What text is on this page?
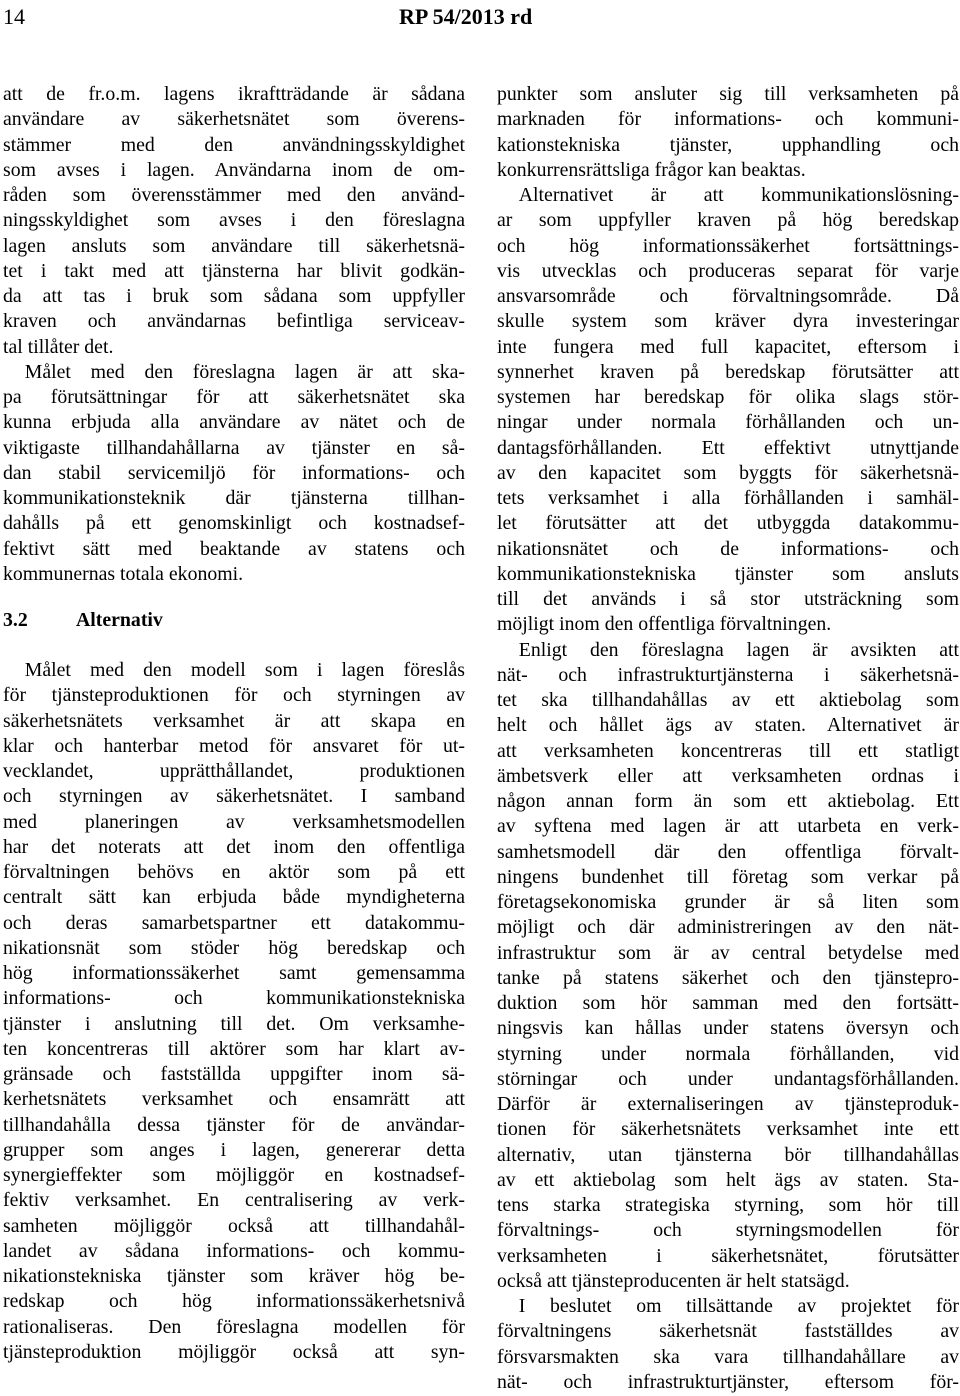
14	RP 54/2013 rd

att de fr.o.m. lagens ikraftträdande är sådana

användare av säkerhetsnätet som överens-

stämmer med den användningsskyldighet

som avses i lagen. Användarna inom de om-

råden som överensstämmer med den använd-

ningsskyldighet som avses i den föreslagna

lagen ansluts som användare till säkerhetsnä-

tet i takt med att tjänsterna har blivit godkän-

da att tas i bruk som sådana som uppfyller

kraven och användarnas befintliga serviceav-

tal tillåter det.

Målet med den föreslagna lagen är att ska-

pa förutsättningar för att säkerhetsnätet ska

kunna erbjuda alla användare av nätet och de

viktigaste tillhandahållarna av tjänster en så-

dan stabil servicemiljö för informations- och

kommunikationsteknik där tjänsterna tillhan-

dahålls på ett genomskinligt och kostnadsef-

fektivt sätt med beaktande av statens och

kommunernas totala ekonomi.

3.2 Alternativ

Målet med den modell som i lagen föreslås

för tjänsteproduktionen för och styrningen av

säkerhetsnätets verksamhet är att skapa en

klar och hanterbar metod för ansvaret för ut-

vecklandet, upprätthållandet, produktionen

och styrningen av säkerhetsnätet. I samband

med planeringen av verksamhetsmodellen

har det noterats att det inom den offentliga

förvaltningen behövs en aktör som på ett

centralt sätt kan erbjuda både myndigheterna

och deras samarbetspartner ett datakommu-

nikationsnät som stöder hög beredskap och

hög informationssäkerhet samt gemensamma

informations- och kommunikationstekniska

tjänster i anslutning till det. Om verksamhe-

ten koncentreras till aktörer som har klart av-

gränsade och fastställda uppgifter inom sä-

kerhetsnätets verksamhet och ensamrätt att

tillhandahålla dessa tjänster för de användar-

grupper som anges i lagen, genererar detta

synergieffekter som möjliggör en kostnadsef-

fektiv verksamhet. En centralisering av verk-

samheten möjliggör också att tillhandahål-

landet av sådana informations- och kommu-

nikationstekniska tjänster som kräver hög be-

redskap och hög informationssäkerhetsnivå

rationaliseras. Den föreslagna modellen för

tjänsteproduktion möjliggör också att syn-

punkter som ansluter sig till verksamheten på

marknaden för informations- och kommuni-

kationstekniska tjänster, upphandling och

konkurrensrättsliga frågor kan beaktas.

Alternativet är att kommunikationslösning-

ar som uppfyller kraven på hög beredskap

och hög informationssäkerhet fortsättnings-

vis utvecklas och produceras separat för varje

ansvarsområde och förvaltningsområde. Då

skulle system som kräver dyra investeringar

inte fungera med full kapacitet, eftersom i

synnerhet kraven på beredskap förutsätter att

systemen har beredskap för olika slags stör-

ningar under normala förhållanden och un-

dantagsförhållanden. Ett effektivt utnyttjande

av den kapacitet som byggts för säkerhetsnä-

tets verksamhet i alla förhållanden i samhäl-

let förutsätter att det utbyggda datakommu-

nikationsnätet och de informations- och

kommunikationstekniska tjänster som ansluts

till det används i så stor utsträckning som

möjligt inom den offentliga förvaltningen.

Enligt den föreslagna lagen är avsikten att

nät- och infrastrukturtjänsterna i säkerhetsnä-

tet ska tillhandahållas av ett aktiebolag som

helt och hållet ägs av staten. Alternativet är

att verksamheten koncentreras till ett statligt

ämbetsverk eller att verksamheten ordnas i

någon annan form än som ett aktiebolag. Ett

av syftena med lagen är att utarbeta en verk-

samhetsmodell där den offentliga förvalt-

ningens bundenhet till företag som verkar på

företagsekonomiska grunder är så liten som

möjligt och där administreringen av den nät-

infrastruktur som är av central betydelse med

tanke på statens säkerhet och den tjänstepro-

duktion som hör samman med den fortsätt-

ningsvis kan hållas under statens översyn och

styrning under normala förhållanden, vid

störningar och under undantagsförhållanden.

Därför är externaliseringen av tjänsteproduk-

tionen för säkerhetsnätets verksamhet inte ett

alternativ, utan tjänsterna bör tillhandahållas

av ett aktiebolag som helt ägs av staten. Sta-

tens starka strategiska styrning, som hör till

förvaltnings- och styrningsmodellen för

verksamheten i säkerhetsnätet, förutsätter

också att tjänsteproducenten är helt statsägd.

I beslutet om tillsättande av projektet för

förvaltningens säkerhetsnät fastställdes av

försvarsmakten ska vara tillhandahållare av

nät- och infrastrukturtjänster, eftersom för-
